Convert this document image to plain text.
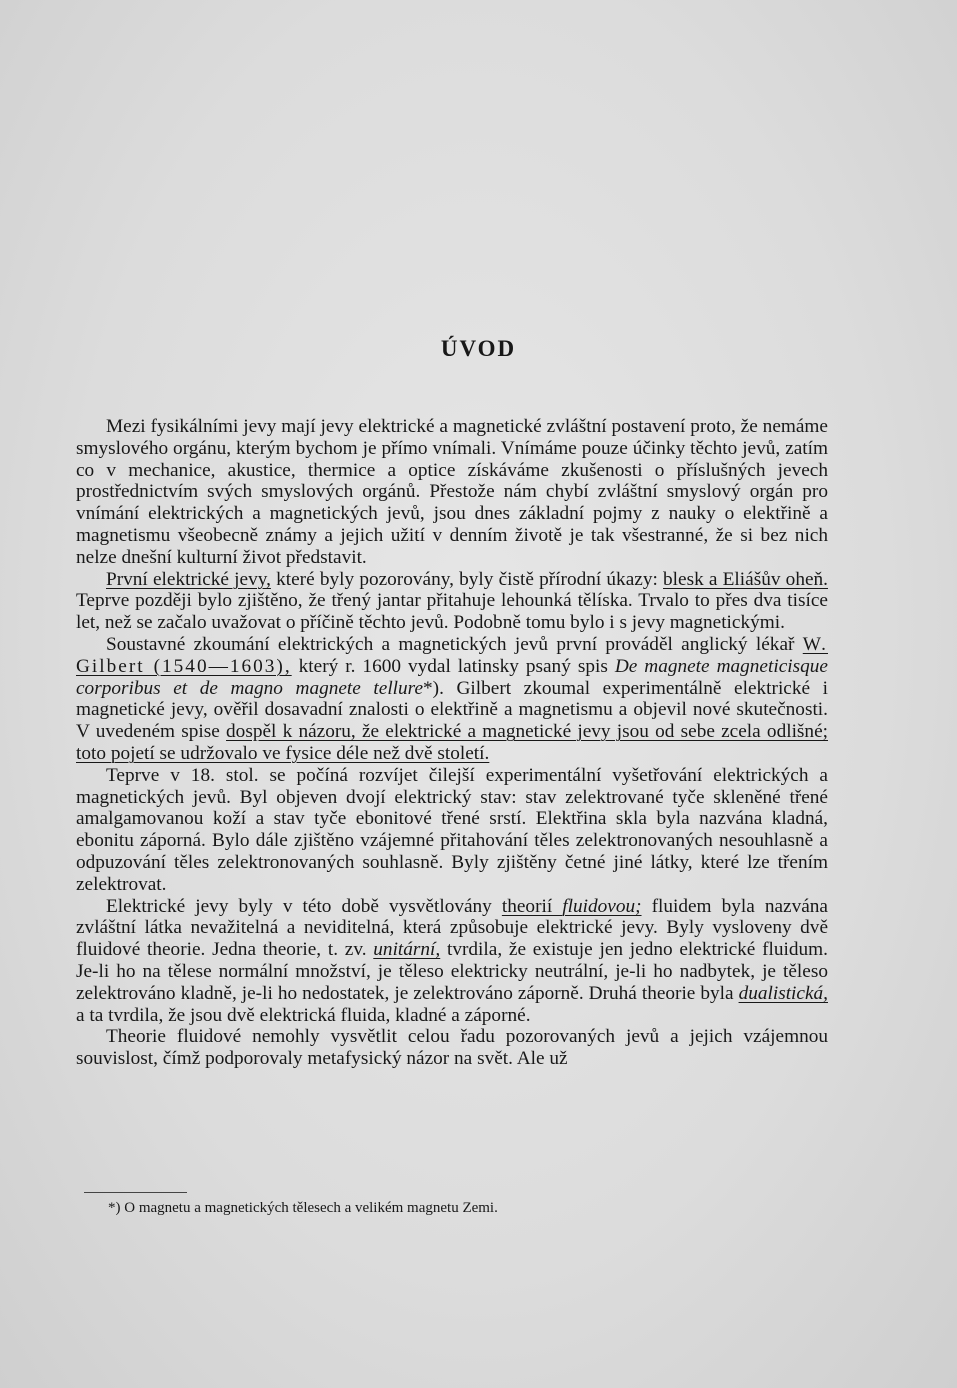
ÚVOD

Mezi fysikálními jevy mají jevy elektrické a magnetické zvláštní postavení proto, že nemáme smyslového orgánu, kterým bychom je přímo vnímali. Vnímáme pouze účinky těchto jevů, zatím co v mechanice, akustice, thermice a optice získáváme zkušenosti o příslušných jevech prostřednictvím svých smyslových orgánů. Přestože nám chybí zvláštní smyslový orgán pro vnímání elektrických a magnetických jevů, jsou dnes základní pojmy z nauky o elektřině a magnetismu všeobecně známy a jejich užití v denním životě je tak všestranné, že si bez nich nelze dnešní kulturní život představit.

První elektrické jevy, které byly pozorovány, byly čistě přírodní úkazy: blesk a Eliášův oheň. Teprve později bylo zjištěno, že třený jantar přitahuje lehounká tělíska. Trvalo to přes dva tisíce let, než se začalo uvažovat o příčině těchto jevů. Podobně tomu bylo i s jevy magnetickými.

Soustavné zkoumání elektrických a magnetických jevů první prováděl anglický lékař W. Gilbert (1540—1603), který r. 1600 vydal latinsky psaný spis De magnete magneticisque corporibus et de magno magnete tellure*). Gilbert zkoumal experimentálně elektrické i magnetické jevy, ověřil dosavadní znalosti o elektřině a magnetismu a objevil nové skutečnosti. V uvedeném spise dospěl k názoru, že elektrické a magnetické jevy jsou od sebe zcela odlišné; toto pojetí se udržovalo ve fysice déle než dvě století.

Teprve v 18. stol. se počíná rozvíjet čilejší experimentální vyšetřování elektrických a magnetických jevů. Byl objeven dvojí elektrický stav: stav zelektrované tyče skleněné třené amalgamovanou koží a stav tyče ebonitové třené srstí. Elektřina skla byla nazvána kladná, ebonitu záporná. Bylo dále zjištěno vzájemné přitahování těles zelektronovaných nesouhlasně a odpuzování těles zelektronovaných souhlasně. Byly zjištěny četné jiné látky, které lze třením zelektrovat.

Elektrické jevy byly v této době vysvětlovány theorií fluidovou; fluidem byla nazvána zvláštní látka nevažitelná a neviditelná, která způsobuje elektrické jevy. Byly vysloveny dvě fluidové theorie. Jedna theorie, t. zv. unitární, tvrdila, že existuje jen jedno elektrické fluidum. Je-li ho na tělese normální množství, je těleso elektricky neutrální, je-li ho nadbytek, je těleso zelektrováno kladně, je-li ho nedostatek, je zelektrováno záporně. Druhá theorie byla dualistická, a ta tvrdila, že jsou dvě elektrická fluida, kladné a záporné.

Theorie fluidové nemohly vysvětlit celou řadu pozorovaných jevů a jejich vzájemnou souvislost, čímž podporovaly metafysický názor na svět. Ale už

*) O magnetu a magnetických tělesech a velikém magnetu Zemi.
